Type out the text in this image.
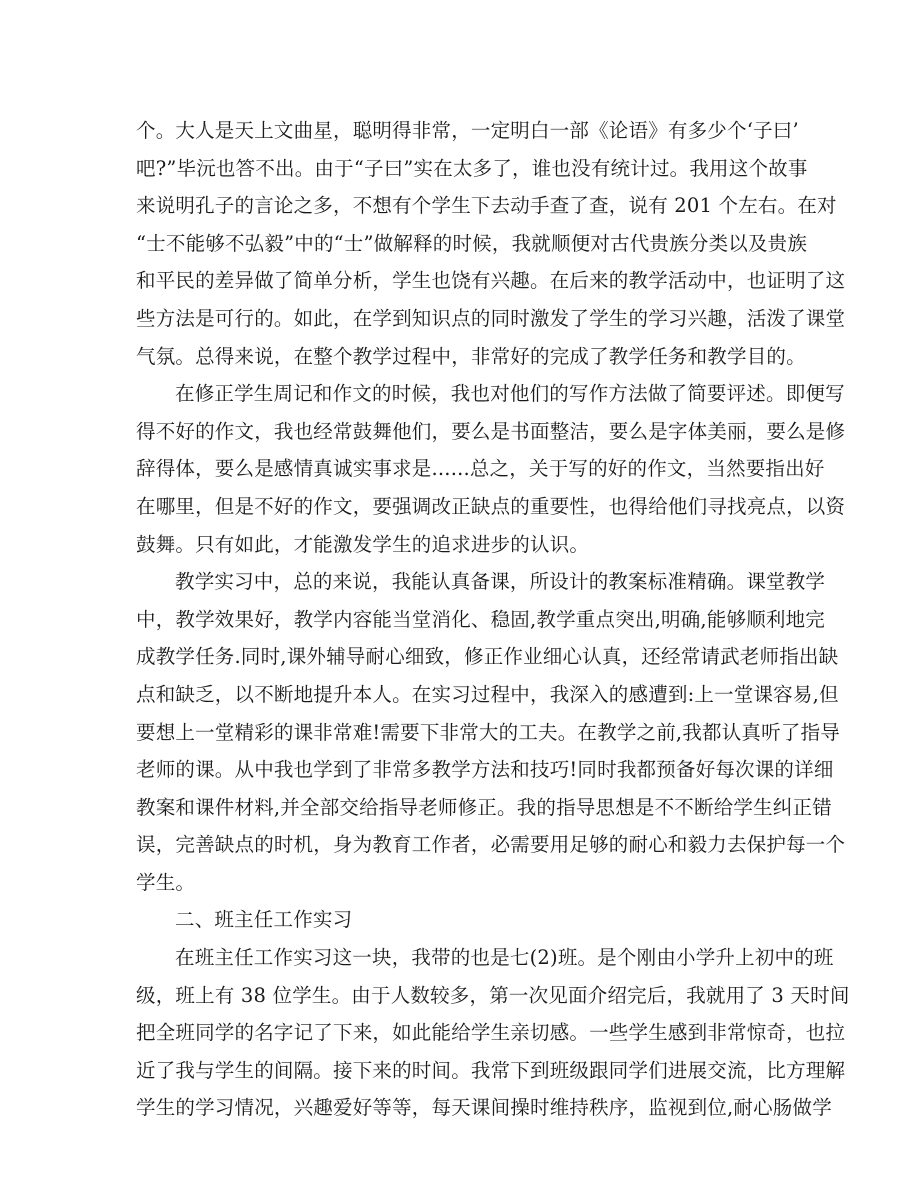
个。大人是天上文曲星，聪明得非常，一定明白一部《论语》有多少个‘子曰’
吧?”毕沅也答不出。由于“子曰”实在太多了，谁也没有统计过。我用这个故事
来说明孔子的言论之多，不想有个学生下去动手查了查，说有 201 个左右。在对
“士不能够不弘毅”中的“士”做解释的时候，我就顺便对古代贵族分类以及贵族
和平民的差异做了简单分析，学生也饶有兴趣。在后来的教学活动中，也证明了这
些方法是可行的。如此，在学到知识点的同时激发了学生的学习兴趣，活泼了课堂
气氛。总得来说，在整个教学过程中，非常好的完成了教学任务和教学目的。
在修正学生周记和作文的时候，我也对他们的写作方法做了简要评述。即便写
得不好的作文，我也经常鼓舞他们，要么是书面整洁，要么是字体美丽，要么是修
辞得体，要么是感情真诚实事求是......总之，关于写的好的作文，当然要指出好
在哪里，但是不好的作文，要强调改正缺点的重要性，也得给他们寻找亮点，以资
鼓舞。只有如此，才能激发学生的追求进步的认识。
教学实习中，总的来说，我能认真备课，所设计的教案标准精确。课堂教学
中，教学效果好，教学内容能当堂消化、稳固,教学重点突出,明确,能够顺利地完
成教学任务.同时,课外辅导耐心细致，修正作业细心认真，还经常请武老师指出缺
点和缺乏，以不断地提升本人。在实习过程中，我深入的感遭到:上一堂课容易,但
要想上一堂精彩的课非常难!需要下非常大的工夫。在教学之前,我都认真听了指导
老师的课。从中我也学到了非常多教学方法和技巧!同时我都预备好每次课的详细
教案和课件材料,并全部交给指导老师修正。我的指导思想是不不断给学生纠正错
误，完善缺点的时机，身为教育工作者，必需要用足够的耐心和毅力去保护每一个
学生。
二、班主任工作实习
在班主任工作实习这一块，我带的也是七(2)班。是个刚由小学升上初中的班
级，班上有 38 位学生。由于人数较多，第一次见面介绍完后，我就用了 3 天时间
把全班同学的名字记了下来，如此能给学生亲切感。一些学生感到非常惊奇，也拉
近了我与学生的间隔。接下来的时间。我常下到班级跟同学们进展交流，比方理解
学生的学习情况，兴趣爱好等等，每天课间操时维持秩序，监视到位,耐心肠做学
